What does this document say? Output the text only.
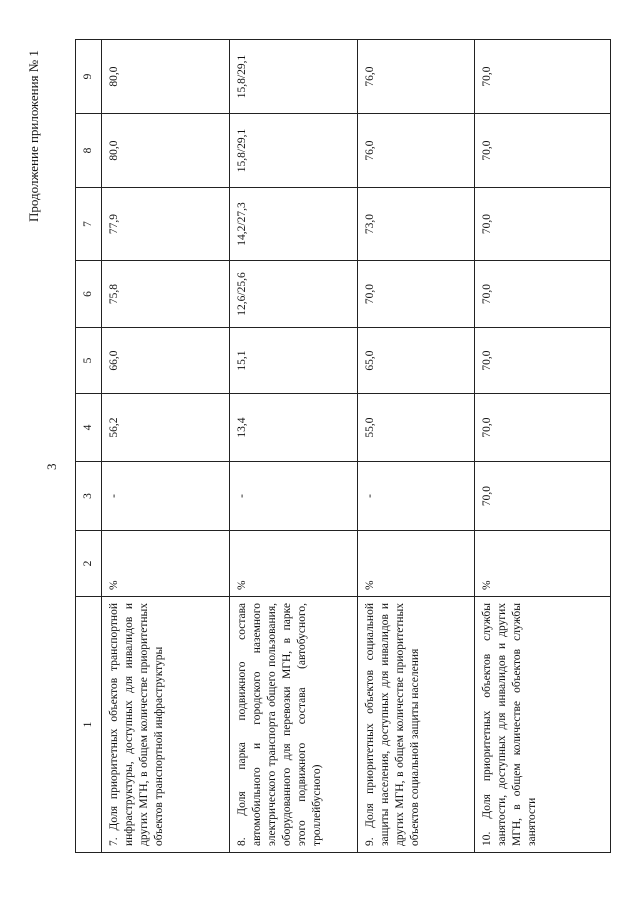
Продолжение приложения № 1
3
1	2	3	4	5	6	7	8	9
7. Доля приоритетных объектов транспортной инфраструктуры, доступных для инвалидов и других МГН, в общем количестве приоритетных объектов транспортной инфраструктуры	%	-	56,2	66,0	75,8	77,9	80,0	80,0
8. Доля парка подвижного состава автомобильного и городского наземного электрического транспорта общего пользования, оборудованного для перевозки МГН, в парке этого подвижного состава (автобусного, троллейбусного)	%	-	13,4	15,1	12,6/25,6	14,2/27,3	15,8/29,1	15,8/29,1
9. Доля приоритетных объектов социальной защиты населения, доступных для инвалидов и других МГН, в общем количестве приоритетных объектов социальной защиты населения	%	-	55,0	65,0	70,0	73,0	76,0	76,0
10. Доля приоритетных объектов службы занятости, доступных для инвалидов и других МГН, в общем количестве объектов службы занятости	%	70,0	70,0	70,0	70,0	70,0	70,0	70,0
